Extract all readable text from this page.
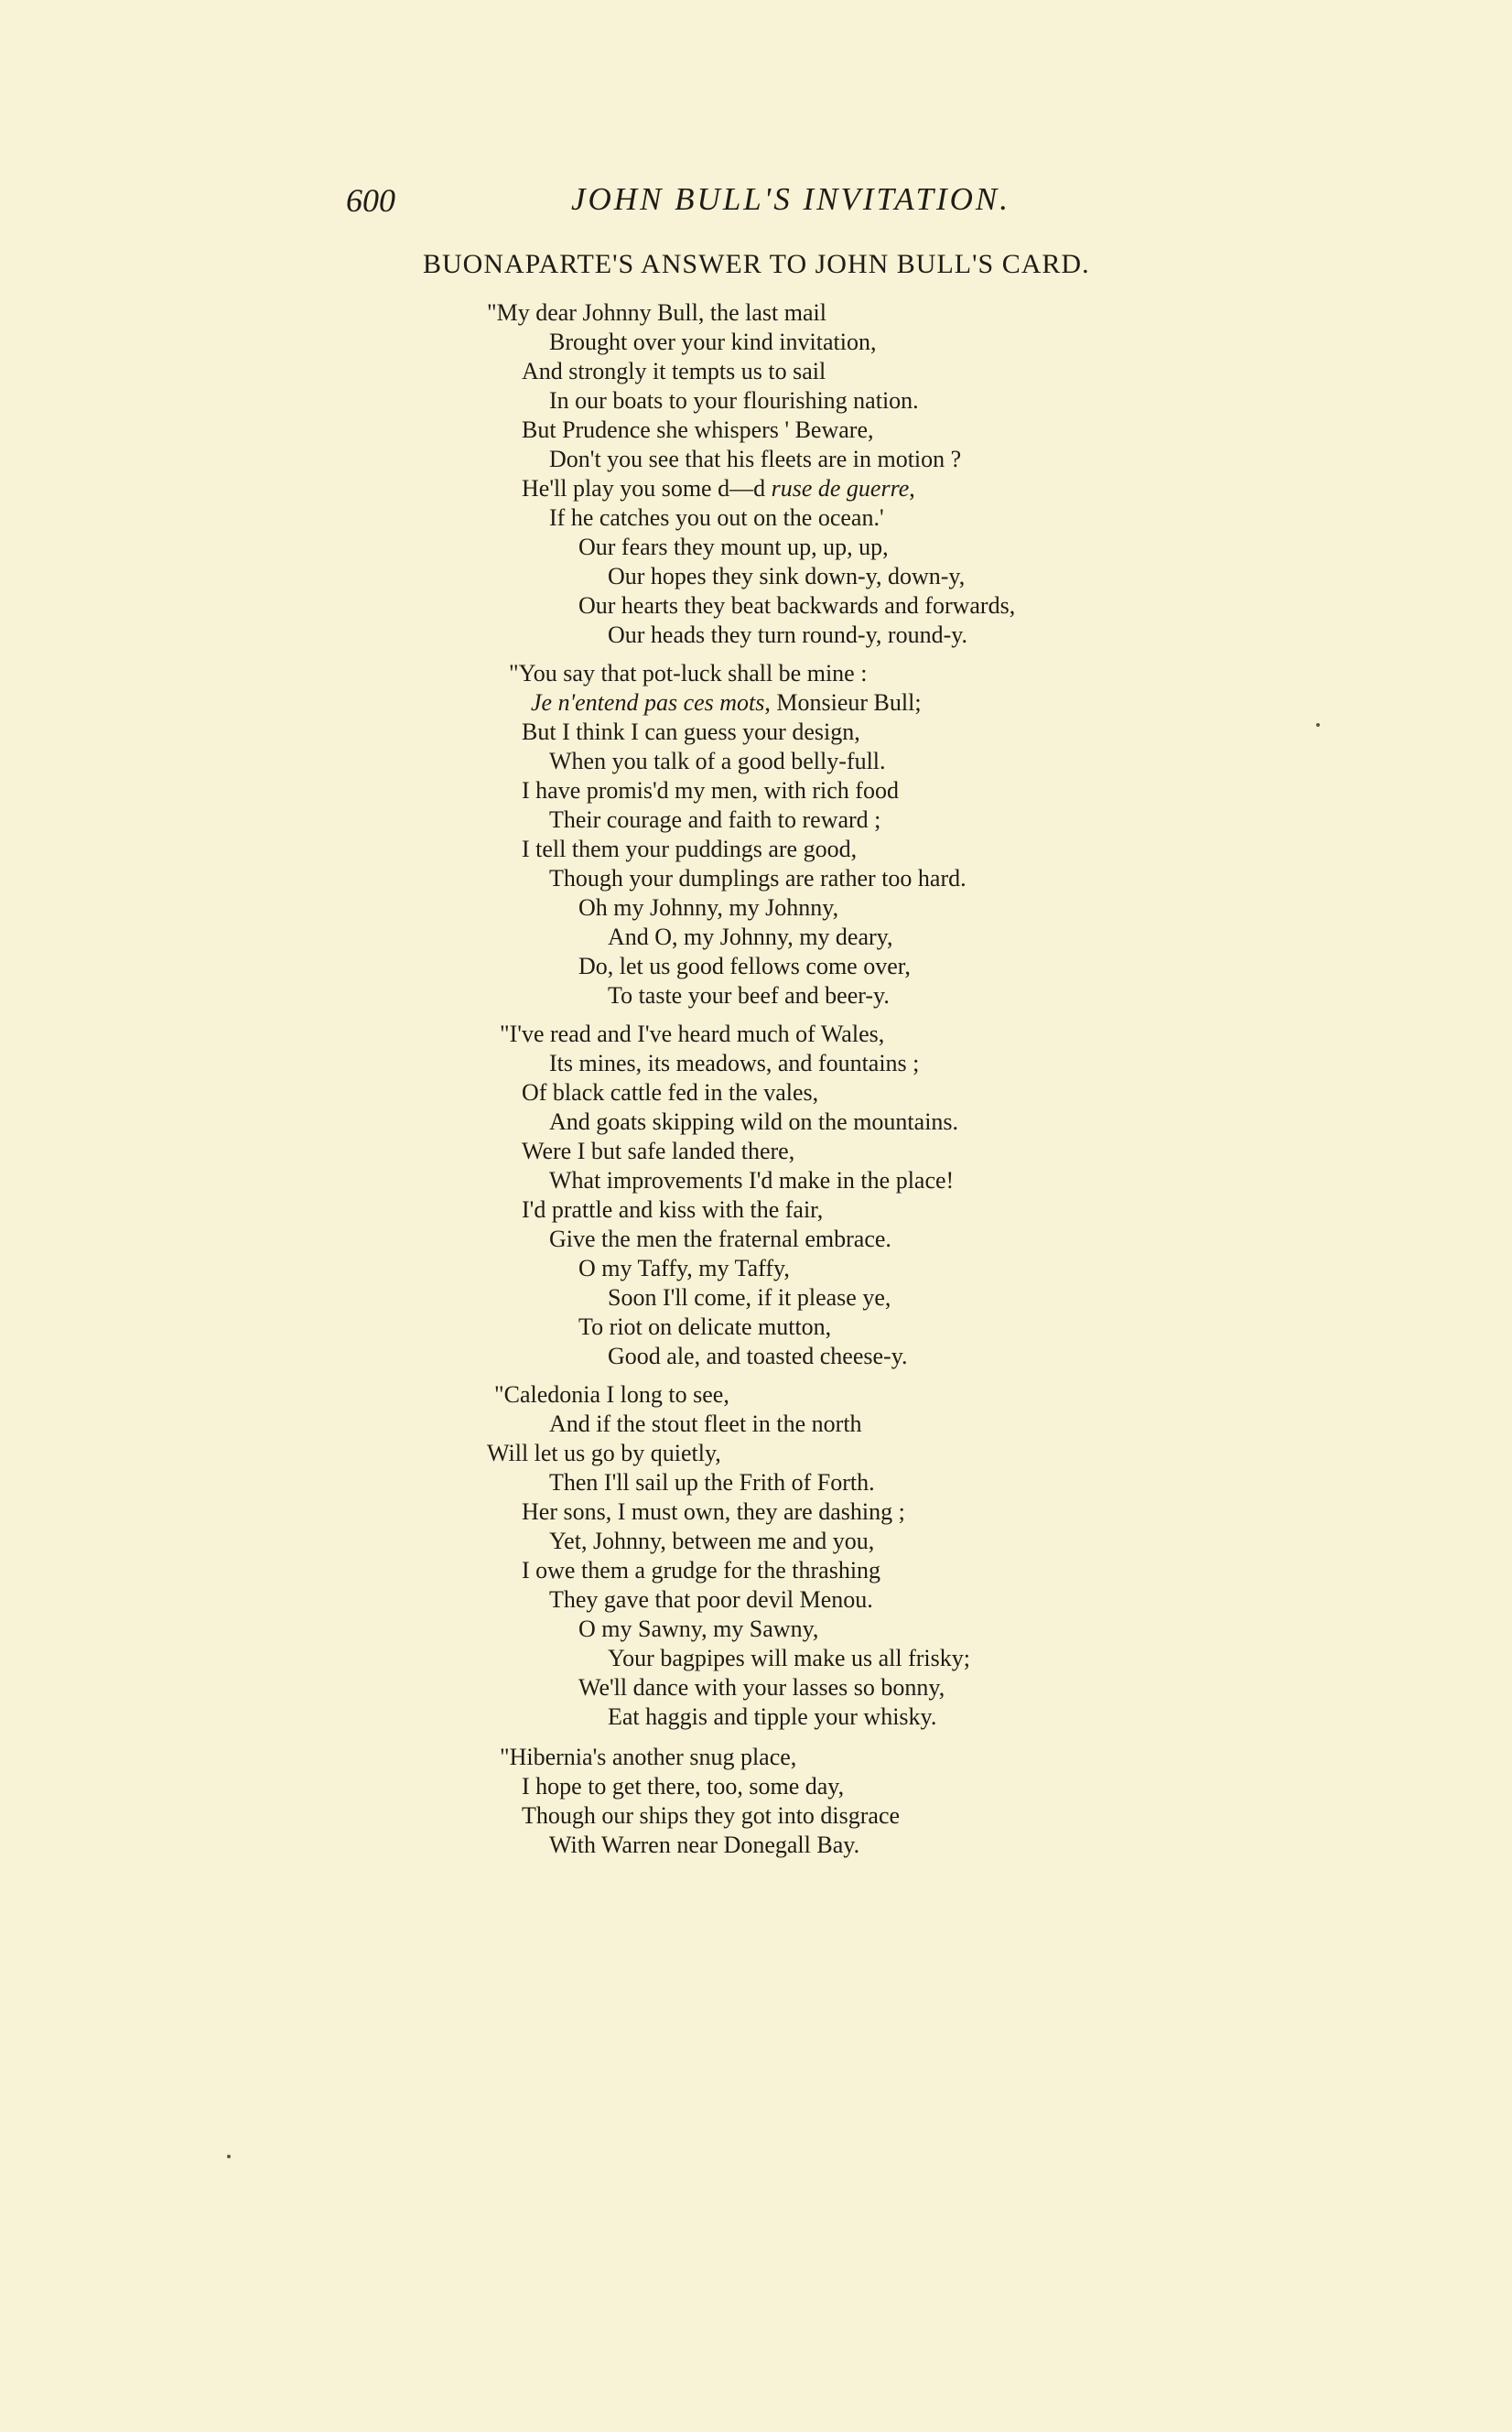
600	JOHN BULL'S INVITATION.
BUONAPARTE'S ANSWER TO JOHN BULL'S CARD.
"My dear Johnny Bull, the last mail
Brought over your kind invitation,
And strongly it tempts us to sail
In our boats to your flourishing nation.
But Prudence she whispers ' Beware,
Don't you see that his fleets are in motion ?
He'll play you some d—d ruse de guerre,
If he catches you out on the ocean.'
Our fears they mount up, up, up,
Our hopes they sink down-y, down-y,
Our hearts they beat backwards and forwards,
Our heads they turn round-y, round-y.
"You say that pot-luck shall be mine :
Je n'entend pas ces mots, Monsieur Bull;
But I think I can guess your design,
When you talk of a good belly-full.
I have promis'd my men, with rich food
Their courage and faith to reward ;
I tell them your puddings are good,
Though your dumplings are rather too hard.
Oh my Johnny, my Johnny,
And O, my Johnny, my deary,
Do, let us good fellows come over,
To taste your beef and beer-y.
"I've read and I've heard much of Wales,
Its mines, its meadows, and fountains ;
Of black cattle fed in the vales,
And goats skipping wild on the mountains.
Were I but safe landed there,
What improvements I'd make in the place!
I'd prattle and kiss with the fair,
Give the men the fraternal embrace.
O my Taffy, my Taffy,
Soon I'll come, if it please ye,
To riot on delicate mutton,
Good ale, and toasted cheese-y.
"Caledonia I long to see,
And if the stout fleet in the north
Will let us go by quietly,
Then I'll sail up the Frith of Forth.
Her sons, I must own, they are dashing ;
Yet, Johnny, between me and you,
I owe them a grudge for the thrashing
They gave that poor devil Menou.
O my Sawny, my Sawny,
Your bagpipes will make us all frisky;
We'll dance with your lasses so bonny,
Eat haggis and tipple your whisky.
"Hibernia's another snug place,
I hope to get there, too, some day,
Though our ships they got into disgrace
With Warren near Donegall Bay.
